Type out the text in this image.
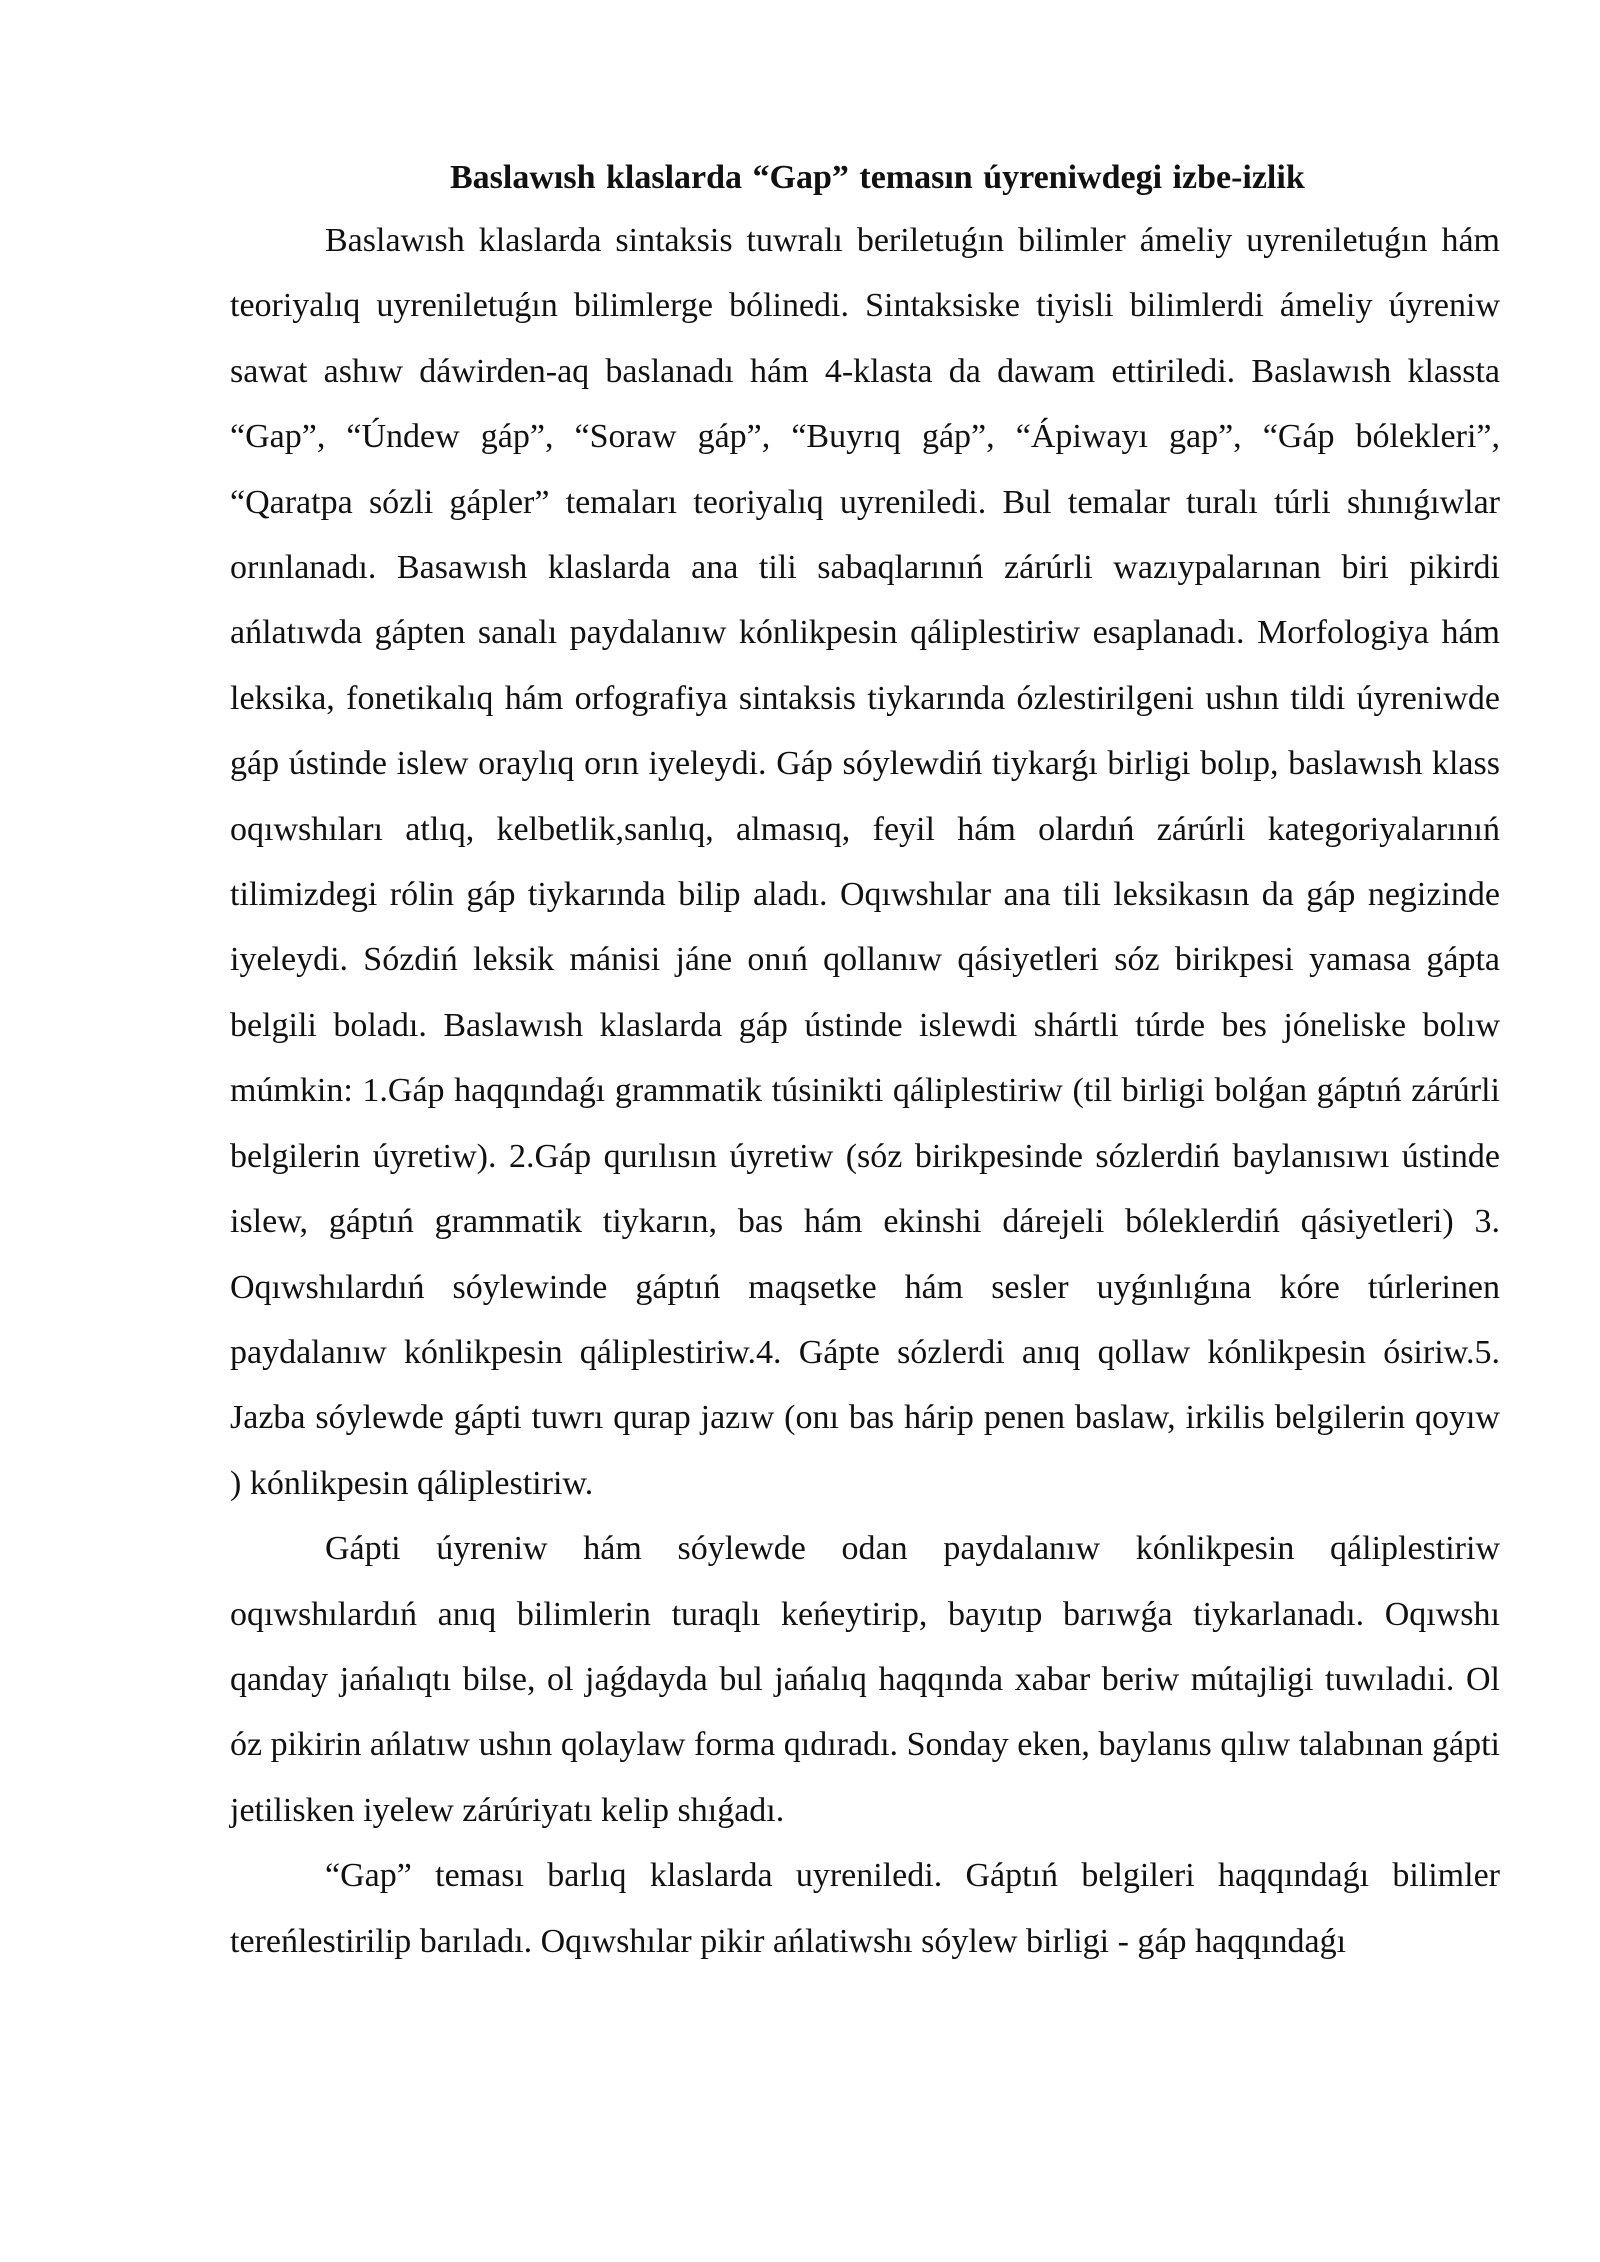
Baslawısh klaslarda “Gap” temasın úyreniwdegi izbe-izlik

Baslawısh klaslarda sintaksis tuwralı beriletuǵın bilimler ámeliy uyreniletuǵın hám teoriyalıq uyreniletuǵın bilimlerge bólinedi. Sintaksiske tiyisli bilimlerdi ámeliy úyreniw sawat ashıw dáwirden-aq baslanadı hám 4-klasta da dawam ettiriledi. Baslawısh klassta “Gap”, “Úndew gáp”, “Soraw gáp”, “Buyrıq gáp”, “Ápiwayı gap”, “Gáp bólekleri”, “Qaratpa sózli gápler” temaları teoriyalıq uyreniledi. Bul temalar turalı túrli shınıǵıwlar orınlanadı. Basawısh klaslarda ana tili sabaqlarınıń zárúrli wazıypalarınan biri pikirdi ańlatıwda gápten sanalı paydalanıw kónlikpesin qáliplestiriw esaplanadı. Morfologiya hám leksika, fonetikalıq hám orfografiya sintaksis tiykarında ózlestirilgeni ushın tildi úyreniwde gáp ústinde islew oraylıq orın iyeleydi. Gáp sóylewdiń tiykarǵı birligi bolıp, baslawısh klass oqıwshıları atlıq, kelbetlik,sanlıq, almasıq, feyil hám olardıń zárúrli kategoriyalarınıń tilimizdegi rólin gáp tiykarında bilip aladı. Oqıwshılar ana tili leksikasın da gáp negizinde iyeleydi. Sózdiń leksik mánisi jáne onıń qollanıw qásiyetleri sóz birikpesi yamasa gápta belgili boladı. Baslawısh klaslarda gáp ústinde islewdi shártli túrde bes jóneliske bolıw múmkin: 1.Gáp haqqındaǵı grammatik túsinikti qáliplestiriw (til birligi bolǵan gáptıń zárúrli belgilerin úyretiw). 2.Gáp qurılısın úyretiw (sóz birikpesinde sózlerdiń baylanısıwı ústinde islew, gáptıń grammatik tiykarın, bas hám ekinshi dárejeli bóleklerdiń qásiyetleri) 3. Oqıwshılardıń sóylewinde gáptıń maqsetke hám sesler uyǵınlıǵına kóre túrlerinen paydalanıw kónlikpesin qáliplestiriw.4. Gápte sózlerdi anıq qollaw kónlikpesin ósiriw.5. Jazba sóylewde gápti tuwrı qurap jazıw (onı bas hárip penen baslaw, irkilis belgilerin qoyıw ) kónlikpesin qáliplestiriw.

Gápti úyreniw hám sóylewde odan paydalanıw kónlikpesin qáliplestiriw oqıwshılardıń anıq bilimlerin turaqlı keńeytirip, bayıtıp barıwǵa tiykarlanadı. Oqıwshı qanday jańalıqtı bilse, ol jaǵdayda bul jańalıq haqqında xabar beriw mútajligi tuwıladıi. Ol óz pikirin ańlatıw ushın qolaylaw forma qıdıradı. Sonday eken, baylanıs qılıw talabınan gápti jetilisken iyelew zárúriyatı kelip shıǵadı.

“Gap” teması barlıq klaslarda uyreniledi. Gáptıń belgileri haqqındaǵı bilimler tereńlestirilip barıladı. Oqıwshılar pikir ańlatiwshı sóylew birligi - gáp haqqındaǵı
